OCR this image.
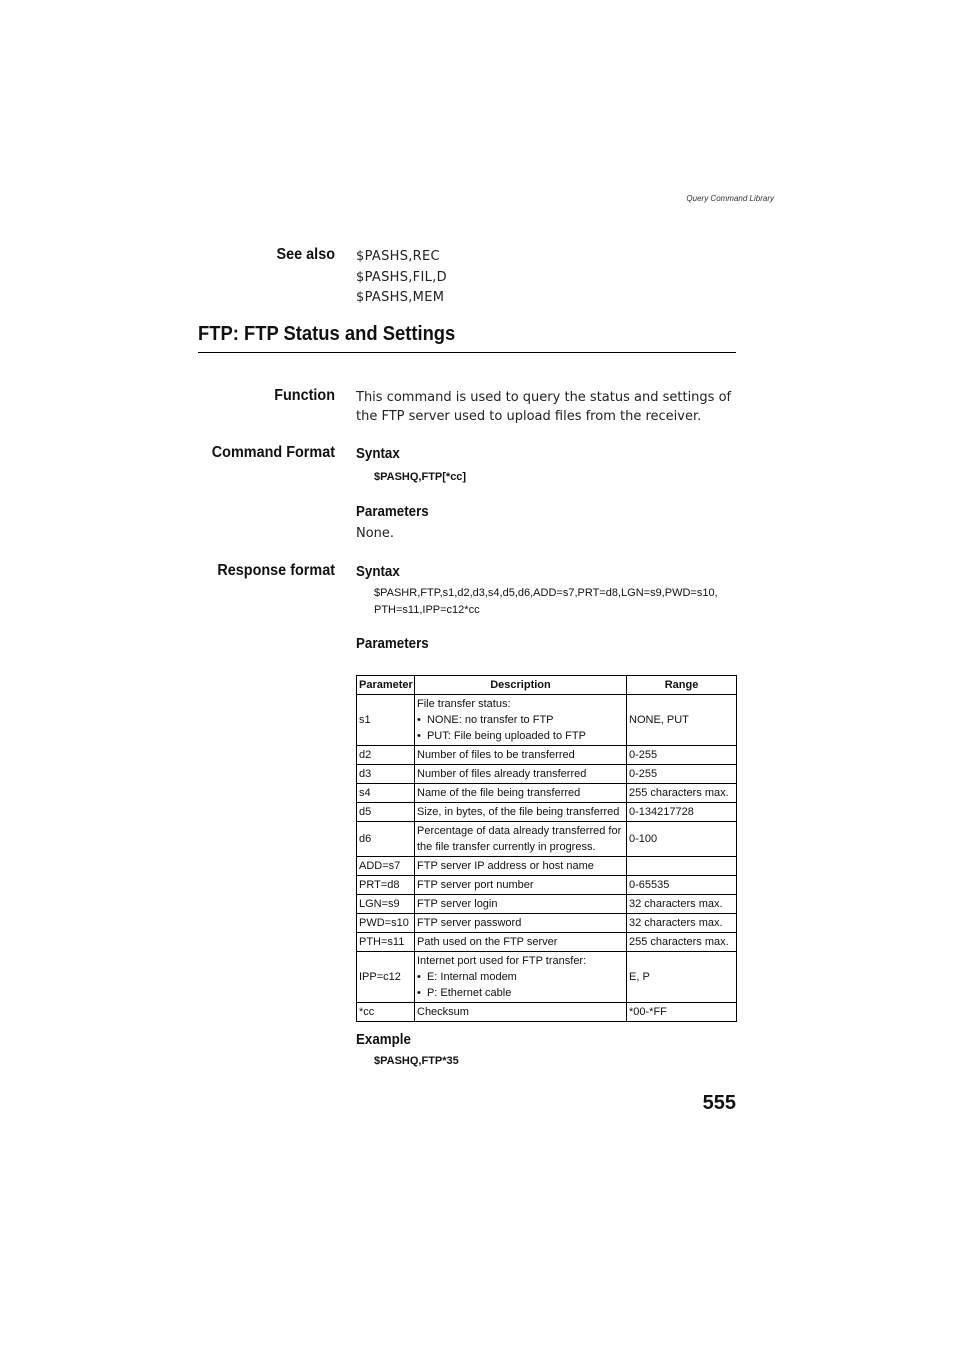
Query Command Library
See also $PASHS,REC
$PASHS,FIL,D
$PASHS,MEM
FTP: FTP Status and Settings
Function This command is used to query the status and settings of the FTP server used to upload files from the receiver.
Command Format Syntax
$PASHQ,FTP[*cc]
Parameters
None.
Response format Syntax
$PASHR,FTP,s1,d2,d3,s4,d5,d6,ADD=s7,PRT=d8,LGN=s9,PWD=s10,
PTH=s11,IPP=c12*cc
Parameters
Parameter	Description	Range
s1	File transfer status:
•  NONE: no transfer to FTP
•  PUT: File being uploaded to FTP	NONE, PUT
d2	Number of files to be transferred	0-255
d3	Number of files already transferred	0-255
s4	Name of the file being transferred	255 characters max.
d5	Size, in bytes, of the file being transferred	0-134217728
d6	Percentage of data already transferred for the file transfer currently in progress.	0-100
ADD=s7	FTP server IP address or host name	
PRT=d8	FTP server port number	0-65535
LGN=s9	FTP server login	32 characters max.
PWD=s10	FTP server password	32 characters max.
PTH=s11	Path used on the FTP server	255 characters max.
IPP=c12	Internet port used for FTP transfer:
•  E: Internal modem
•  P: Ethernet cable	E, P
*cc	Checksum	*00-*FF
Example
$PASHQ,FTP*35
555
